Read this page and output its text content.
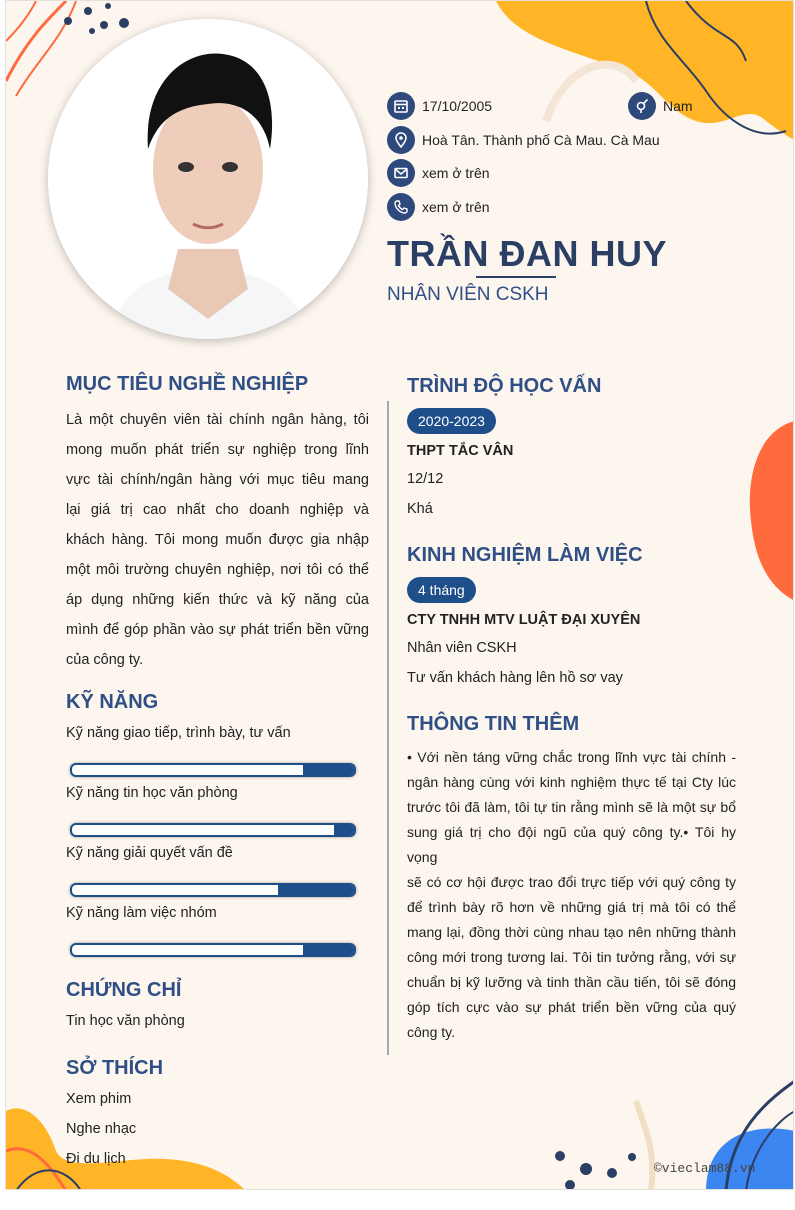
17/10/2005	Nam
Hoà Tân. Thành phố Cà Mau. Cà Mau
xem ở trên
xem ở trên
TRẦN ĐAN HUY
NHÂN VIÊN CSKH
MỤC TIÊU NGHỀ NGHIỆP
Là một chuyên viên tài chính ngân hàng, tôi
mong muốn phát triển sự nghiệp trong lĩnh
vực tài chính/ngân hàng với mục tiêu mang
lại giá trị cao nhất cho doanh nghiệp và
khách hàng. Tôi mong muốn được gia nhập
một môi trường chuyên nghiệp, nơi tôi có thể
áp dụng những kiến thức và kỹ năng của
mình để góp phần vào sự phát triển bền vững
của công ty.
KỸ NĂNG
Kỹ năng giao tiếp, trình bày, tư vấn
Kỹ năng tin học văn phòng
Kỹ năng giải quyết vấn đề
Kỹ năng làm việc nhóm
CHỨNG CHỈ
Tin học văn phòng
SỞ THÍCH
Xem phim
Nghe nhạc
Đi du lịch
TRÌNH ĐỘ HỌC VẤN
2020-2023
THPT TẮC VÂN
12/12
Khá
KINH NGHIỆM LÀM VIỆC
4 tháng
CTY TNHH MTV LUẬT ĐẠI XUYÊN
Nhân viên CSKH
Tư vấn khách hàng lên hồ sơ vay
THÔNG TIN THÊM
• Với nền táng vững chắc trong lĩnh vực tài chính -
ngân hàng cùng với kinh nghiệm thực tế tại Cty lúc
trước tôi đã làm, tôi tự tin rằng mình sẽ là một sự bổ
sung giá trị cho đội ngũ của quý công ty.• Tôi hy vọng
sẽ có cơ hội được trao đổi trực tiếp với quý công ty
để trình bày rõ hơn về những giá trị mà tôi có thể
mang lại, đồng thời cùng nhau tạo nên những thành
công mới trong tương lai. Tôi tin tưởng rằng, với sự
chuẩn bị kỹ lưỡng và tinh thần cầu tiến, tôi sẽ đóng
góp tích cực vào sự phát triển bền vững của quý
công ty.
©vieclam88.vn
